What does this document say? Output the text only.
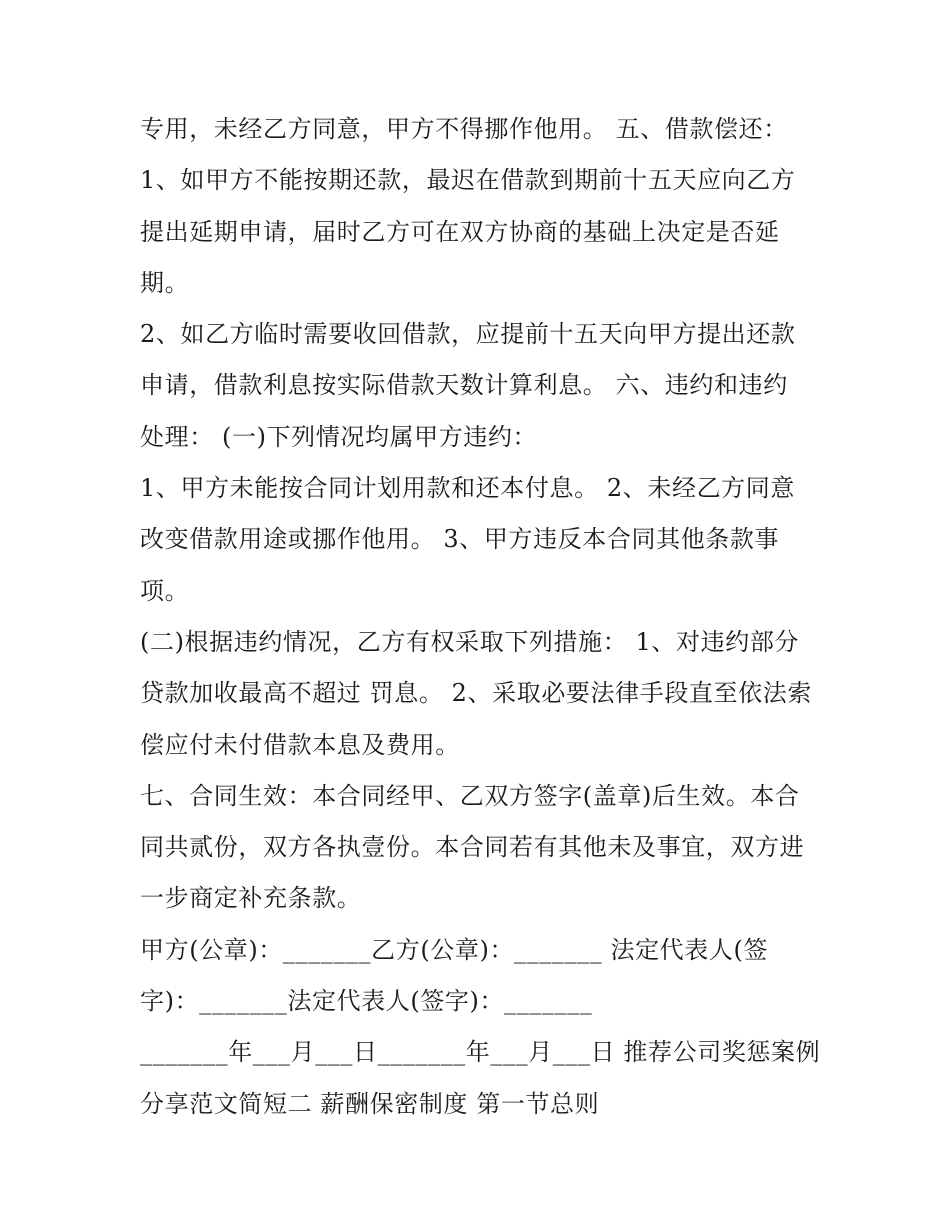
专用，未经乙方同意，甲方不得挪作他用。 五、借款偿还：
1、如甲方不能按期还款，最迟在借款到期前十五天应向乙方
提出延期申请，届时乙方可在双方协商的基础上决定是否延
期。
2、如乙方临时需要收回借款，应提前十五天向甲方提出还款
申请，借款利息按实际借款天数计算利息。 六、违约和违约
处理： (一)下列情况均属甲方违约：
1、甲方未能按合同计划用款和还本付息。 2、未经乙方同意
改变借款用途或挪作他用。 3、甲方违反本合同其他条款事
项。
(二)根据违约情况，乙方有权采取下列措施： 1、对违约部分
贷款加收最高不超过 罚息。 2、采取必要法律手段直至依法索
偿应付未付借款本息及费用。
七、合同生效：本合同经甲、乙双方签字(盖章)后生效。本合
同共贰份，双方各执壹份。本合同若有其他未及事宜，双方进
一步商定补充条款。
甲方(公章)：_______乙方(公章)：_______ 法定代表人(签
字)：_______法定代表人(签字)：_______
_______年___月___日_______年___月___日 推荐公司奖惩案例
分享范文简短二 薪酬保密制度 第一节总则
